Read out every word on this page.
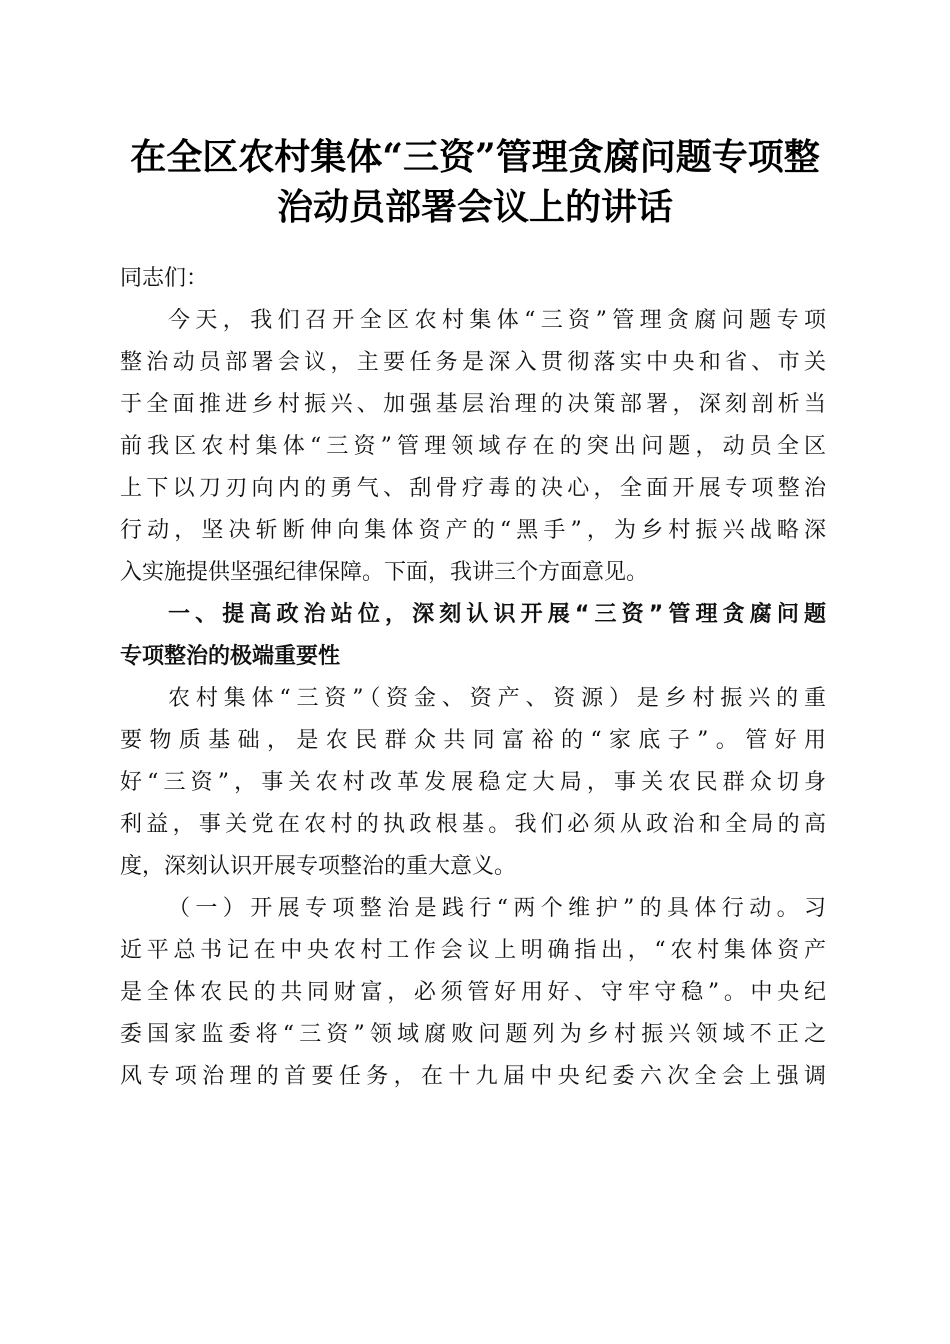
在全区农村集体“三资”管理贪腐问题专项整
治动员部署会议上的讲话
同志们：
今天，我们召开全区农村集体“三资”管理贪腐问题专项
整治动员部署会议，主要任务是深入贯彻落实中央和省、市关
于全面推进乡村振兴、加强基层治理的决策部署，深刻剖析当
前我区农村集体“三资”管理领域存在的突出问题，动员全区
上下以刀刃向内的勇气、刮骨疗毒的决心，全面开展专项整治
行动，坚决斩断伸向集体资产的“黑手”，为乡村振兴战略深
入实施提供坚强纪律保障。下面，我讲三个方面意见。
一、提高政治站位，深刻认识开展“三资”管理贪腐问题
专项整治的极端重要性
农村集体“三资”（资金、资产、资源）是乡村振兴的重
要物质基础，是农民群众共同富裕的“家底子”。管好用
好“三资”，事关农村改革发展稳定大局，事关农民群众切身
利益，事关党在农村的执政根基。我们必须从政治和全局的高
度，深刻认识开展专项整治的重大意义。
（一）开展专项整治是践行“两个维护”的具体行动。习
近平总书记在中央农村工作会议上明确指出，“农村集体资产
是全体农民的共同财富，必须管好用好、守牢守稳”。中央纪
委国家监委将“三资”领域腐败问题列为乡村振兴领域不正之
风专项治理的首要任务，在十九届中央纪委六次全会上强调
